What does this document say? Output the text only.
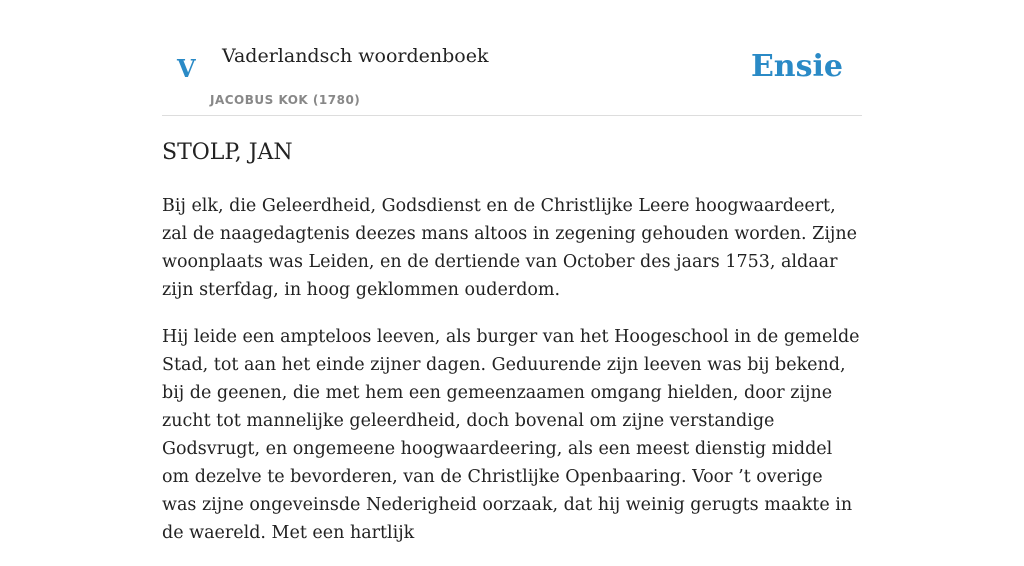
V Vaderlandsch woordenboek
JACOBUS KOK (1780)
Ensie
STOLP, JAN

Bij elk, die Geleerdheid, Godsdienst en de Christlijke Leere hoogwaardeert, zal de naagedagtenis deezes mans altoos in zegening gehouden worden. Zijne woonplaats was Leiden, en de dertiende van October des jaars 1753, aldaar zijn sterfdag, in hoog geklommen ouderdom.

Hij leide een ampteloos leeven, als burger van het Hoogeschool in de gemelde Stad, tot aan het einde zijner dagen. Geduurende zijn leeven was bij bekend, bij de geenen, die met hem een gemeenzaamen omgang hielden, door zijne zucht tot mannelijke geleerdheid, doch bovenal om zijne verstandige Godsvrugt, en ongemeene hoogwaardeering, als een meest dienstig middel om dezelve te bevorderen, van de Christlijke Openbaaring. Voor ’t overige was zijne ongeveinsde Nederigheid oorzaak, dat hij weinig gerugts maakte in de waereld. Met een hartlijk
